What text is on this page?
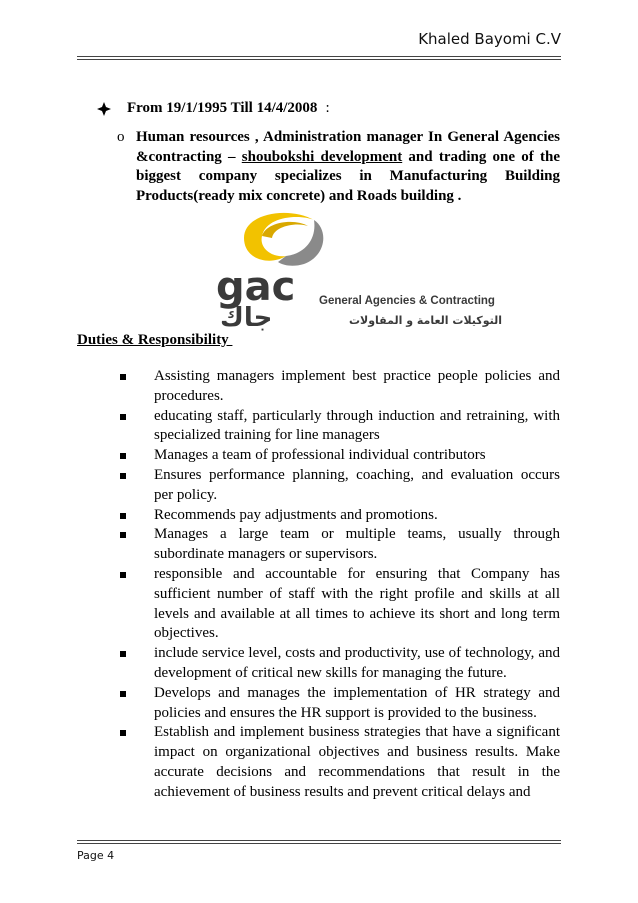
Khaled Bayomi C.V
From 19/1/1995 Till 14/4/2008 :
o Human resources , Administration manager In General Agencies &contracting – shoubokshi development and trading one of the biggest company specializes in Manufacturing Building Products(ready mix concrete) and Roads building .
gac
جاك
General Agencies & Contracting
التوكيلات العامة و المقاولات
Duties & Responsibility
Assisting managers implement best practice people policies and procedures.
educating staff, particularly through induction and retraining, with specialized training for line managers
Manages a team of professional individual contributors
Ensures performance planning, coaching, and evaluation occurs per policy.
Recommends pay adjustments and promotions.
Manages a large team or multiple teams, usually through subordinate managers or supervisors.
responsible and accountable for ensuring that Company has sufficient number of staff with the right profile and skills at all levels and available at all times to achieve its short and long term objectives.
include service level, costs and productivity, use of technology, and development of critical new skills for managing the future.
Develops and manages the implementation of HR strategy and policies and ensures the HR support is provided to the business.
Establish and implement business strategies that have a significant impact on organizational objectives and business results. Make accurate decisions and recommendations that result in the achievement of business results and prevent critical delays and
Page 4
